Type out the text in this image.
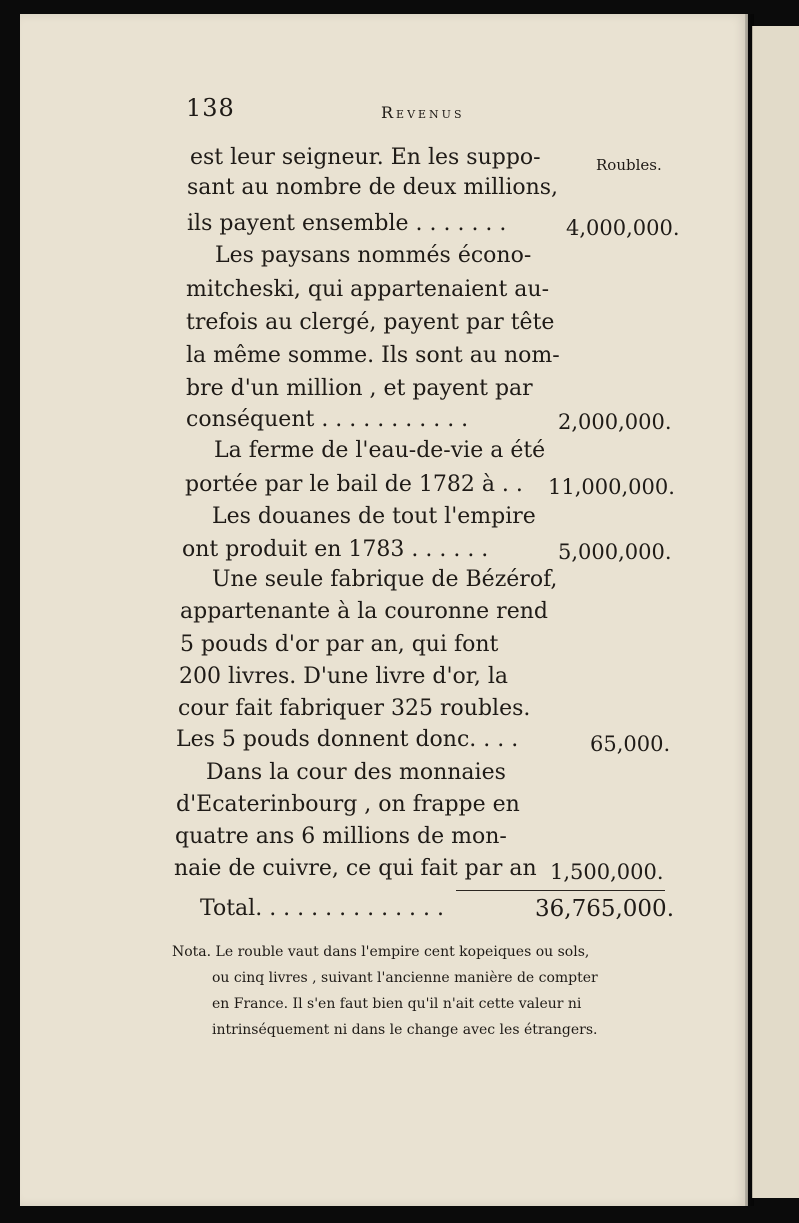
138	Revenus
Roubles.
est leur seigneur. En les suppo-
sant au nombre de deux millions,
ils payent ensemble . . . . . . .
Les paysans nommés écono-
mitcheski, qui appartenaient au-
trefois au clergé, payent par tête
la même somme. Ils sont au nom-
bre d'un million , et payent par
conséquent . . . . . . . . . . .
La ferme de l'eau-de-vie a été
portée par le bail de 1782 à . .
Les douanes de tout l'empire
ont produit en 1783 . . . . . .
Une seule fabrique de Bézérof,
appartenante à la couronne rend
5 pouds d'or par an, qui font
200 livres. D'une livre d'or, la
cour fait fabriquer 325 roubles.
Les 5 pouds donnent donc. . . .
Dans la cour des monnaies
d'Ecaterinbourg , on frappe en
quatre ans 6 millions de mon-
naie de cuivre, ce qui fait par an
4,000,000.
2,000,000.
11,000,000.
5,000,000.
65,000.
1,500,000.
Total. . . . . . . . . . . . . .	36,765,000.
Nota. Le rouble vaut dans l'empire cent kopeiques ou sols,
ou cinq livres , suivant l'ancienne manière de compter
en France. Il s'en faut bien qu'il n'ait cette valeur ni
intrinséquement ni dans le change avec les étrangers.
